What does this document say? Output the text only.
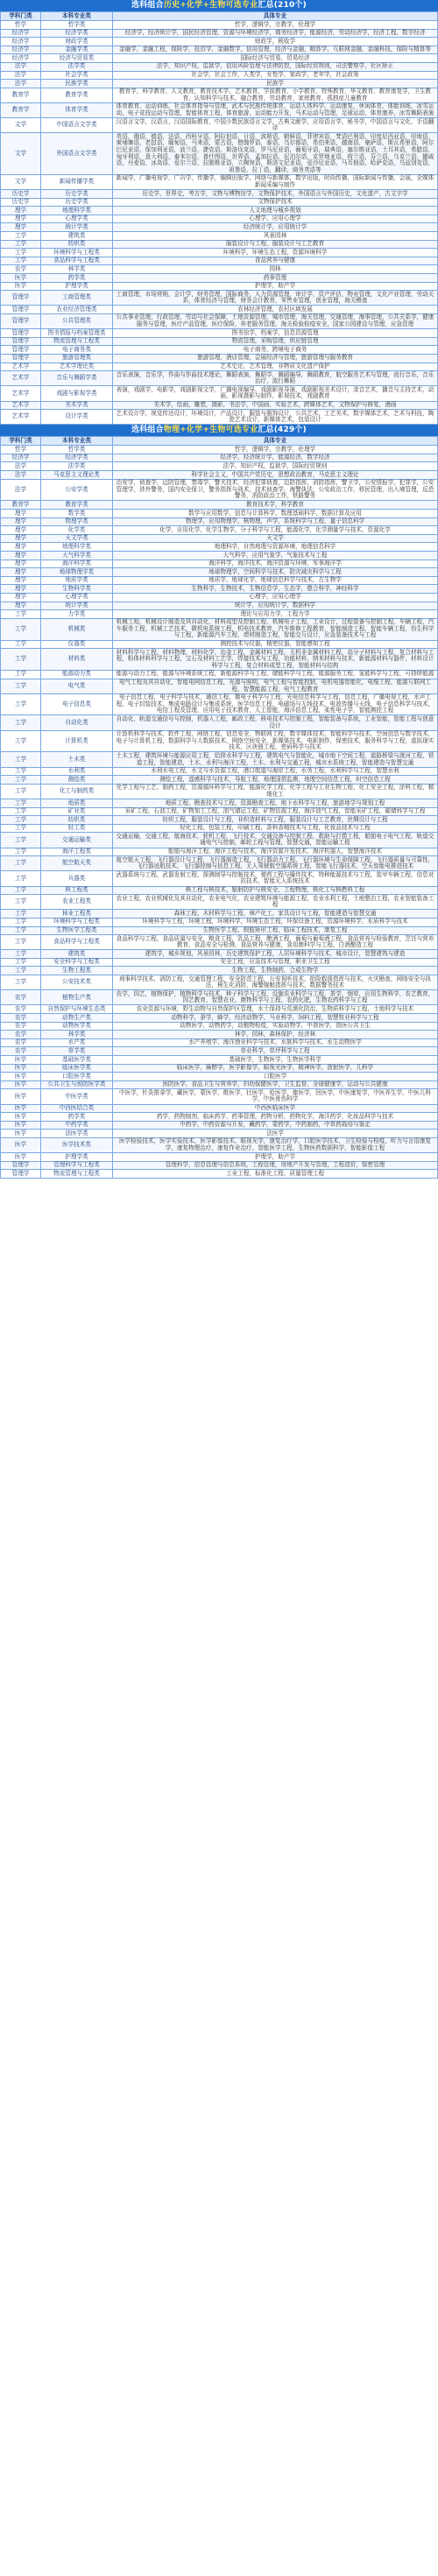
选科组合历史+化学+生物可选专业汇总(210个)
学科门类	本科专业类	具体专业
哲学	哲学类	哲学，逻辑学，宗教学，伦理学
经济学	经济学类	经济学，经济统计学，国民经济管理，资源与环境经济学，商务经济学，能源经济，劳动经济学，经济工程，数字经济
经济学	财政学类	财政学，税收学
经济学	金融学类	金融学，金融工程，保险学，投资学，金融数学，信用管理，经济与金融，精算学，互联网金融，金融科技，保险与精算等
经济学	经济与贸易类	国际经济与贸易，贸易经济
法学	法学类	法学，知识产权，监狱学，信用风险管理与法律防控，国际经贸规则，司法警察学，社区矫正
法学	社会学类	社会学，社会工作，人类学，女性学，家政学，老年学，社会政策
法学	民族学类	民族学
教育学	教育学类	教育学，科学教育，人文教育，教育技术学，艺术教育，学前教育，小学教育，特殊教育，华文教育，教育康复学，卫生教育，认知科学与技术，融合教育，劳动教育，家庭教育，孤独症儿童教育
教育学	体育学类	体育教育，运动训练，社会体育指导与管理，武术与民族传统体育，运动人体科学，运动康复，休闲体育，体能训练，冰雪运动，电子竞技运动与管理，智能体育工程，体育旅游，运动能力开发，马术运动与管理，足球运动，体育康养，冰雪舞蹈表演
文学	中国语言文学类	汉语言文学，汉语言，汉语国际教育，中国少数民族语言文学，古典文献学，应用语言学，秘书学，中国语言与文化，手语翻译
文学	外国语言文学类	英语，俄语，德语，法语，西班牙语，阿拉伯语，日语，波斯语，朝鲜语，菲律宾语，梵语巴利语，印度尼西亚语，印地语，柬埔寨语，老挝语，缅甸语，马来语，蒙古语，僧伽罗语，泰语，乌尔都语，希伯来语，越南语，豪萨语，斯瓦希里语，阿尔巴尼亚语，保加利亚语，波兰语，捷克语，斯洛伐克语，罗马尼亚语，葡萄牙语，瑞典语，塞尔维亚语，土耳其语，希腊语，匈牙利语，意大利语，泰米尔语，普什图语，世界语，孟加拉语，尼泊尔语，克罗地亚语，荷兰语，芬兰语，乌克兰语，挪威语，丹麦语，冰岛语，爱尔兰语，拉脱维亚语，立陶宛语，斯洛文尼亚语，爱沙尼亚语，马耳他语，哈萨克语，乌兹别克语，祖鲁语，拉丁语，翻译，商务英语等
文学	新闻传播学类	新闻学，广播电视学，广告学，传播学，编辑出版学，网络与新媒体，数字出版，时尚传播，国际新闻与传播，会展，全媒体新闻采编与制作
历史学	历史学类	历史学，世界史，考古学，文物与博物馆学，文物保护技术，外国语言与外国历史，文化遗产，古文字学
历史学	历史学类	文物保护技术
理学	地理科学类	人文地理与城乡规划
理学	心理学类	心理学，应用心理学
理学	统计学类	经济统计学，应用统计学
工学	建筑类	风景园林
工学	纺织类	服装设计与工程，服装设计与工艺教育
工学	环境科学与工程类	环境科学，环境生态工程，资源环境科学
工学	食品科学与工程类	食品营养与健康
农学	林学类	园林
医学	药学类	药事管理
医学	护理学类	护理学，助产学
管理学	工商管理类	工商管理，市场营销，会计学，财务管理，国际商务，人力资源管理，审计学，资产评估，物业管理，文化产业管理，劳动关系，体育经济与管理，财务会计教育，零售业管理，创业管理，海关稽查
管理学	农业经济管理类	农林经济管理，农村区域发展
管理学	公共管理类	公共事业管理，行政管理，劳动与社会保障，土地资源管理，城市管理，海关管理，交通管理，海事管理，公共关系学，健康服务与管理，医疗产品管理，医疗保险，养老服务管理，海关检验检疫安全，国家公园建设与管理，应急管理
管理学	图书情报与档案管理类	图书馆学，档案学，信息资源管理
管理学	物流管理与工程类	物流管理，采购管理，供应链管理
管理学	电子商务类	电子商务，跨境电子商务
管理学	旅游管理类	旅游管理，酒店管理，会展经济与管理，旅游管理与服务教育
艺术学	艺术学理论类	艺术史论，艺术管理，非物质文化遗产保护
艺术学	音乐与舞蹈学类	音乐表演，音乐学，作曲与作曲技术理论，舞蹈表演，舞蹈学，舞蹈编导，舞蹈教育，航空服务艺术与管理，流行音乐，音乐治疗，流行舞蹈
艺术学	戏剧与影视学类	表演，戏剧学，电影学，戏剧影视文学，广播电视编导，戏剧影视导演，戏剧影视美术设计，录音艺术，播音与主持艺术，动画，影视摄影与制作，影视技术，戏剧教育
艺术学	美术学类	美术学，绘画，雕塑，摄影，书法学，中国画，实验艺术，跨媒体艺术，文物保护与修复，漫画
艺术学	设计学类	艺术设计学，视觉传达设计，环境设计，产品设计，服装与服饰设计，公共艺术，工艺美术，数字媒体艺术，艺术与科技，陶瓷艺术设计，新媒体艺术，包装设计
选科组合物理+化学+生物可选专业汇总(429个)
学科门类	本科专业类	具体专业
哲学	哲学类	哲学，逻辑学，宗教学，伦理学
经济学	经济学类	经济学，经济统计学，能源经济，数字经济
法学	法学类	法学，知识产权，监狱学，国际经贸规则
法学	马克思主义理论类	科学社会主义，中国共产党历史，思想政治教育，马克思主义理论
法学	公安学类	治安学，侦查学，边防管理，禁毒学，警犬技术，经济犯罪侦查，边防指挥，消防指挥，警卫学，公安情报学，犯罪学，公安管理学，涉外警务，国内安全保卫，警务指挥与战术，技术侦查学，海警执法，公安政治工作，移民管理，出入境管理，反恐警务，消防政治工作，铁路警务
教育学	教育学类	教育技术学，科学教育
理学	数学类	数学与应用数学，信息与计算科学，数理基础科学，数据计算及应用
理学	物理学类	物理学，应用物理学，核物理，声学，系统科学与工程，量子信息科学
理学	化学类	化学，应用化学，化学生物学，分子科学与工程，能源化学，化学测量学与技术，资源化学
理学	天文学类	天文学
理学	地理科学类	地理科学，自然地理与资源环境，地理信息科学
理学	大气科学类	大气科学，应用气象学，气象技术与工程
理学	海洋科学类	海洋科学，海洋技术，海洋资源与环境，军事海洋学
理学	地球物理学类	地球物理学，空间科学与技术，防灾减灾科学与工程
理学	地质学类	地质学，地球化学，地球信息科学与技术，古生物学
理学	生物科学类	生物科学，生物技术，生物信息学，生态学，整合科学，神经科学
理学	心理学类	心理学，应用心理学
理学	统计学类	统计学，应用统计学，数据科学
工学	力学类	理论与应用力学，工程力学
工学	机械类	机械工程，机械设计制造及其自动化，材料成型及控制工程，机械电子工程，工业设计，过程装备与控制工程，车辆工程，汽车服务工程，机械工艺技术，微机电系统工程，机电技术教育，汽车维修工程教育，智能制造工程，智能车辆工程，仿生科学与工程，新能源汽车工程，增材制造工程，智能交互设计，应急装备技术与工程
工学	仪器类	测控技术与仪器，精密仪器，智能感知工程
工学	材料类	材料科学与工程，材料物理，材料化学，冶金工程，金属材料工程，无机非金属材料工程，高分子材料与工程，复合材料与工程，粉体材料科学与工程，宝石及材料工艺学，焊接技术与工程，功能材料，纳米材料与技术，新能源材料与器件，材料设计科学与工程，复合材料成型工程，智能材料与结构
工学	能源动力类	能源与动力工程，能源与环境系统工程，新能源科学与工程，储能科学与工程，能源服务工程，氢能科学与工程，可持续能源
工学	电气类	电气工程及其自动化，智能电网信息工程，光源与照明，电气工程与智能控制，电机电器智能化，电缆工程，能源互联网工程，智慧能源工程，电气工程教育
工学	电子信息类	电子信息工程，电子科学与技术，通信工程，微电子科学与工程，光电信息科学与工程，信息工程，广播电视工程，水声工程，电子封装技术，集成电路设计与集成系统，医学信息工程，电磁场与无线技术，电波传播与天线，电子信息科学与技术，电信工程及管理，应用电子技术教育，人工智能，海洋信息工程，柔性电子学，智能测控工程
工学	自动化类	自动化，轨道交通信号与控制，机器人工程，邮政工程，核电技术与控制工程，智能装备与系统，工业智能，智能工程与创意设计
工学	计算机类	计算机科学与技术，软件工程，网络工程，信息安全，物联网工程，数字媒体技术，智能科学与技术，空间信息与数字技术，电子与计算机工程，数据科学与大数据技术，网络空间安全，新媒体技术，电影制作，保密技术，服务科学与工程，虚拟现实技术，区块链工程，密码科学与技术
工学	土木类	土木工程，建筑环境与能源应用工程，给排水科学与工程，建筑电气与智能化，城市地下空间工程，道路桥梁与渡河工程，铁道工程，智能建造，土木、水利与海洋工程，土木、水利与交通工程，城市水系统工程，智能建造与智慧交通
工学	水利类	水利水电工程，水文与水资源工程，港口航道与海岸工程，水务工程，水利科学与工程，智慧水利
工学	测绘类	测绘工程，遥感科学与技术，导航工程，地理国情监测，地理空间信息工程，时空信息工程
工学	化工与制药类	化学工程与工艺，制药工程，资源循环科学与工程，能源化学工程，化学工程与工业生物工程，化工安全工程，涂料工程，精细化工
工学	地质类	地质工程，勘查技术与工程，资源勘查工程，地下水科学与工程，旅游地学与规划工程
工学	矿业类	采矿工程，石油工程，矿物加工工程，油气储运工程，矿物资源工程，海洋油气工程，智能采矿工程，碳储科学与工程
工学	纺织类	纺织工程，服装设计与工程，非织造材料与工程，服装设计与工艺教育，丝绸设计与工程
工学	轻工类	轻化工程，包装工程，印刷工程，香料香精技术与工程，化妆品技术与工程
工学	交通运输类	交通运输，交通工程，航海技术，轮机工程，飞行技术，交通设备与控制工程，救助与打捞工程，船舶电子电气工程，轨道交通电气与控制，邮轮工程与管理，智慧交通，智能运输工程
工学	海洋工程类	船舶与海洋工程，海洋工程与技术，海洋资源开发技术，海洋机器人，智慧海洋技术
工学	航空航天类	航空航天工程，飞行器设计与工程，飞行器制造工程，飞行器动力工程，飞行器环境与生命保障工程，飞行器质量与可靠性，飞行器适航技术，飞行器控制与信息工程，无人驾驶航空器系统工程，智能飞行器技术，空天智能电推进技术
工学	兵器类	武器系统与工程，武器发射工程，探测制导与控制技术，弹药工程与爆炸技术，特种能源技术与工程，装甲车辆工程，信息对抗技术，智能无人系统技术
工学	核工程类	核工程与核技术，辐射防护与核安全，工程物理，核化工与核燃料工程
工学	农业工程类	农业工程，农业机械化及其自动化，农业电气化，农业建筑环境与能源工程，农业水利工程，土地整治工程，农业智能装备工程
工学	林业工程类	森林工程，木材科学与工程，林产化工，家具设计与工程，智能建造与智慧交通
工学	环境科学与工程类	环境科学与工程，环境工程，环境科学，环境生态工程，环保设备工程，资源环境科学，水质科学与技术
工学	生物医学工程类	生物医学工程，假肢矫形工程，临床工程技术，康复工程
工学	食品科学与工程类	食品科学与工程，食品质量与安全，粮食工程，乳品工程，酿酒工程，葡萄与葡萄酒工程，食品营养与检验教育，烹饪与营养教育，食品安全与检测，食品营养与健康，食用菌科学与工程，白酒酿造工程
工学	建筑类	建筑学，城乡规划，风景园林，历史建筑保护工程，人居环境科学与技术，城市设计，智慧建筑与建造
工学	安全科学与工程类	安全工程，应急技术与管理，职业卫生工程
工学	生物工程类	生物工程，生物制药，合成生物学
工学	公安技术类	刑事科学技术，消防工程，交通管理工程，安全防范工程，公安视听技术，抢险救援指挥与技术，火灾勘查，网络安全与执法，核生化消防，海警舰艇指挥与技术，数据警务技术
农学	植物生产类	农学，园艺，植物保护，植物科学与技术，种子科学与工程，设施农业科学与工程，茶学，烟草，应用生物科学，农艺教育，园艺教育，智慧农业，菌物科学与工程，农药化肥，生物农药科学与工程
农学	自然保护与环境生态类	农业资源与环境，野生动物与自然保护区管理，水土保持与荒漠化防治，生物质科学与工程，土地科学与技术
农学	动物生产类	动物科学，蚕学，蜂学，经济动物学，马业科学，饲料工程，智慧牧业科学与工程
农学	动物医学类	动物医学，动物药学，动植物检疫，实验动物学，中兽医学，兽医公共卫生
农学	林学类	林学，园林，森林保护，经济林
农学	水产类	水产养殖学，海洋渔业科学与技术，水族科学与技术，水生动物医学
农学	草学类	草业科学，草坪科学与工程
医学	基础医学类	基础医学，生物医学，生物医学科学
医学	临床医学类	临床医学，麻醉学，医学影像学，眼视光医学，精神医学，放射医学，儿科学
医学	口腔医学类	口腔医学
医学	公共卫生与预防医学类	预防医学，食品卫生与营养学，妇幼保健医学，卫生监督，全球健康学，运动与公共健康
医学	中医学类	中医学，针灸推拿学，藏医学，蒙医学，维医学，壮医学，哈医学，傣医学，回医学，中医康复学，中医养生学，中医儿科学，中医骨伤科学
医学	中西医结合类	中西医临床医学
医学	药学类	药学，药物制剂，临床药学，药事管理，药物分析，药物化学，海洋药学，化妆品科学与技术
医学	中药学类	中药学，中药资源与开发，藏药学，蒙药学，中药制药，中草药栽培与鉴定
医学	法医学类	法医学
医学	医学技术类	医学检验技术，医学实验技术，医学影像技术，眼视光学，康复治疗学，口腔医学技术，卫生检验与检疫，听力与言语康复学，康复物理治疗，康复作业治疗，智能医学工程，生物医药数据科学，智能影像工程
医学	护理学类	护理学，助产学
管理学	管理科学与工程类	管理科学，信息管理与信息系统，工程管理，房地产开发与管理，工程造价，保密管理
管理学	物流管理与工程类	工业工程，标准化工程，质量管理工程
